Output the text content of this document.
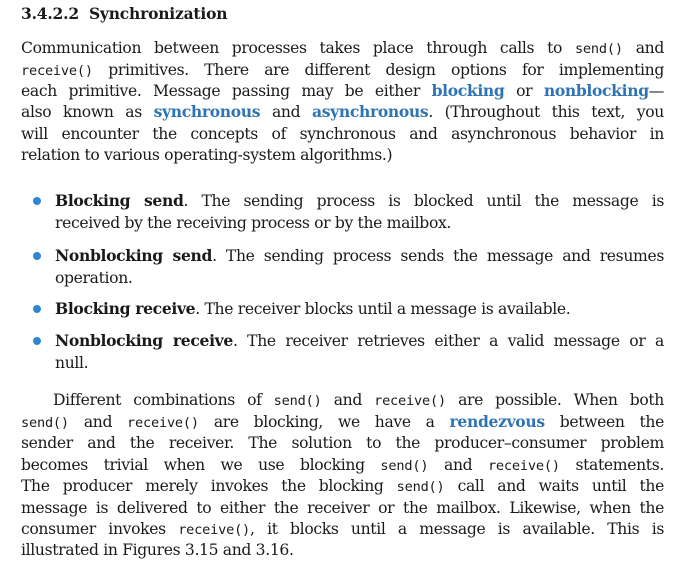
3.4.2.2 Synchronization
Communication between processes takes place through calls to send() and
receive() primitives. There are different design options for implementing
each primitive. Message passing may be either blocking or nonblocking—
also known as synchronous and asynchronous. (Throughout this text, you
will encounter the concepts of synchronous and asynchronous behavior in
relation to various operating-system algorithms.)
Blocking send. The sending process is blocked until the message is
received by the receiving process or by the mailbox.
Nonblocking send. The sending process sends the message and resumes
operation.
Blocking receive. The receiver blocks until a message is available.
Nonblocking receive. The receiver retrieves either a valid message or a
null.
Different combinations of send() and receive() are possible. When both
send() and receive() are blocking, we have a rendezvous between the
sender and the receiver. The solution to the producer–consumer problem
becomes trivial when we use blocking send() and receive() statements.
The producer merely invokes the blocking send() call and waits until the
message is delivered to either the receiver or the mailbox. Likewise, when the
consumer invokes receive(), it blocks until a message is available. This is
illustrated in Figures 3.15 and 3.16.
